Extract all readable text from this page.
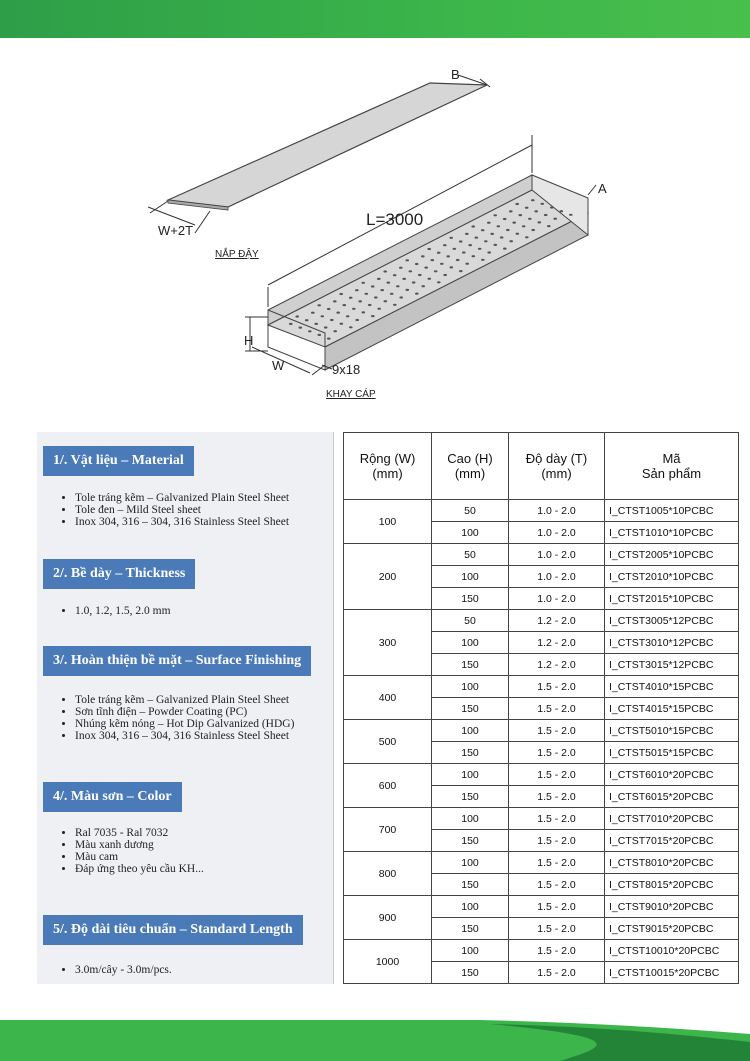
B
A
W+2T
L=3000
H
W	9x18
NẮP ĐẬY
KHAY CÁP
1/. Vật liệu – Material
• Tole tráng kẽm – Galvanized Plain Steel Sheet
• Tole đen – Mild Steel sheet
• Inox 304, 316 – 304, 316 Stainless Steel Sheet
2/. Bề dày – Thickness
• 1.0, 1.2, 1.5, 2.0 mm
3/. Hoàn thiện bề mặt – Surface Finishing
• Tole tráng kẽm – Galvanized Plain Steel Sheet
• Sơn tĩnh điện – Powder Coating (PC)
• Nhúng kẽm nóng – Hot Dip Galvanized (HDG)
• Inox 304, 316 – 304, 316 Stainless Steel Sheet
4/. Màu sơn – Color
• Ral 7035 - Ral 7032
• Màu xanh dương
• Màu cam
• Đáp ứng theo yêu cầu KH...
5/. Độ dài tiêu chuẩn – Standard Length
• 3.0m/cây - 3.0m/pcs.
Rộng (W)
(mm)	Cao (H)
(mm)	Độ dày (T)
(mm)	Mã
Sản phẩm
100	50	1.0 - 2.0	I_CTST1005*10PCBC
	100	1.0 - 2.0	I_CTST1010*10PCBC
200	50	1.0 - 2.0	I_CTST2005*10PCBC
	100	1.0 - 2.0	I_CTST2010*10PCBC
	150	1.0 - 2.0	I_CTST2015*10PCBC
300	50	1.2 - 2.0	I_CTST3005*12PCBC
	100	1.2 - 2.0	I_CTST3010*12PCBC
	150	1.2 - 2.0	I_CTST3015*12PCBC
400	100	1.5 - 2.0	I_CTST4010*15PCBC
	150	1.5 - 2.0	I_CTST4015*15PCBC
500	100	1.5 - 2.0	I_CTST5010*15PCBC
	150	1.5 - 2.0	I_CTST5015*15PCBC
600	100	1.5 - 2.0	I_CTST6010*20PCBC
	150	1.5 - 2.0	I_CTST6015*20PCBC
700	100	1.5 - 2.0	I_CTST7010*20PCBC
	150	1.5 - 2.0	I_CTST7015*20PCBC
800	100	1.5 - 2.0	I_CTST8010*20PCBC
	150	1.5 - 2.0	I_CTST8015*20PCBC
900	100	1.5 - 2.0	I_CTST9010*20PCBC
	150	1.5 - 2.0	I_CTST9015*20PCBC
1000	100	1.5 - 2.0	I_CTST10010*20PCBC
	150	1.5 - 2.0	I_CTST10015*20PCBC
